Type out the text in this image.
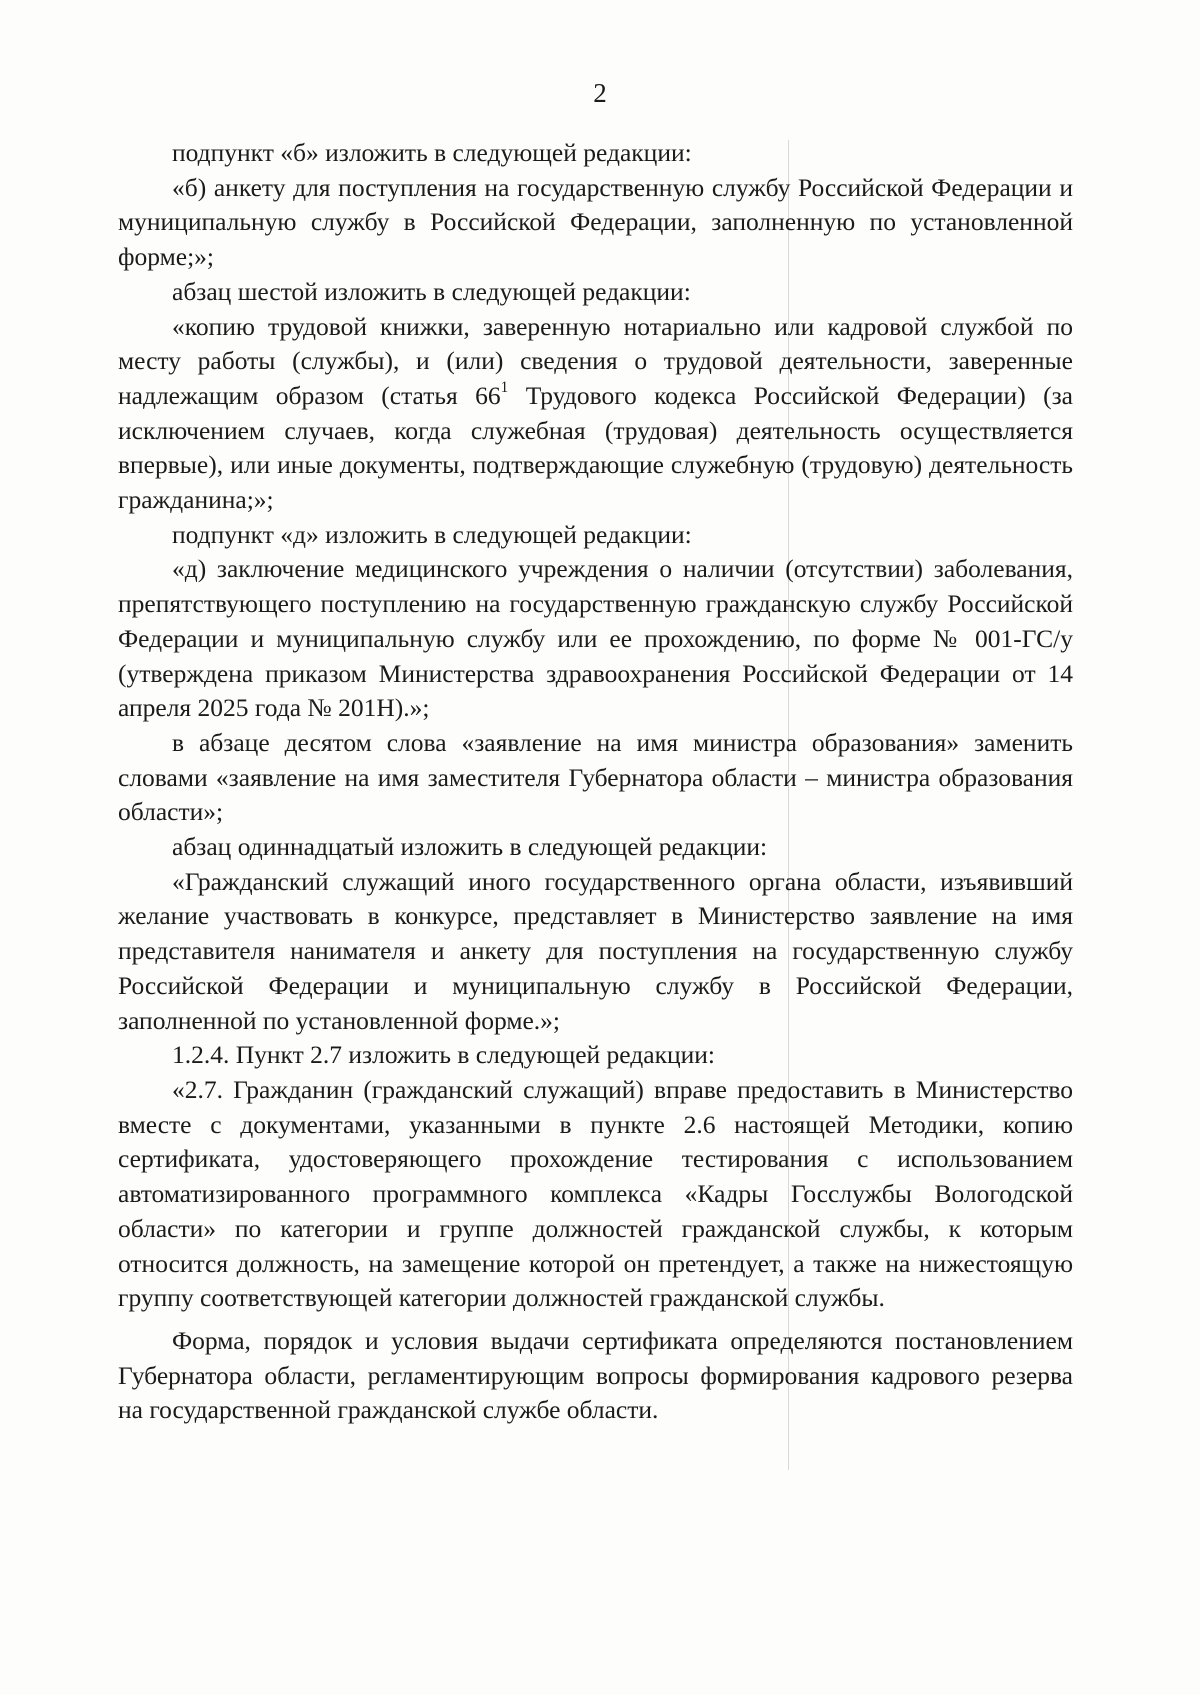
2

подпункт «б» изложить в следующей редакции:

«б) анкету для поступления на государственную службу Российской Федерации и муниципальную службу в Российской Федерации, заполненную по установленной форме;»;

абзац шестой изложить в следующей редакции:

«копию трудовой книжки, заверенную нотариально или кадровой службой по месту работы (службы), и (или) сведения о трудовой деятельности, заверенные надлежащим образом (статья $66^1$ Трудового кодекса Российской Федерации) (за исключением случаев, когда служебная (трудовая) деятельность осуществляется впервые), или иные документы, подтверждающие служебную (трудовую) деятельность гражданина;»;

подпункт «д» изложить в следующей редакции:

«д) заключение медицинского учреждения о наличии (отсутствии) заболевания, препятствующего поступлению на государственную гражданскую службу Российской Федерации и муниципальную службу или ее прохождению, по форме № 001-ГС/у (утверждена приказом Министерства здравоохранения Российской Федерации от 14 апреля 2025 года № 201Н).»;

в абзаце десятом слова «заявление на имя министра образования» заменить словами «заявление на имя заместителя Губернатора области – министра образования области»;

абзац одиннадцатый изложить в следующей редакции:

«Гражданский служащий иного государственного органа области, изъявивший желание участвовать в конкурсе, представляет в Министерство заявление на имя представителя нанимателя и анкету для поступления на государственную службу Российской Федерации и муниципальную службу в Российской Федерации, заполненной по установленной форме.»;

1.2.4. Пункт 2.7 изложить в следующей редакции:

«2.7. Гражданин (гражданский служащий) вправе предоставить в Министерство вместе с документами, указанными в пункте 2.6 настоящей Методики, копию сертификата, удостоверяющего прохождение тестирования с использованием автоматизированного программного комплекса «Кадры Госслужбы Вологодской области» по категории и группе должностей гражданской службы, к которым относится должность, на замещение которой он претендует, а также на нижестоящую группу соответствующей категории должностей гражданской службы.

Форма, порядок и условия выдачи сертификата определяются постановлением Губернатора области, регламентирующим вопросы формирования кадрового резерва на государственной гражданской службе области.
